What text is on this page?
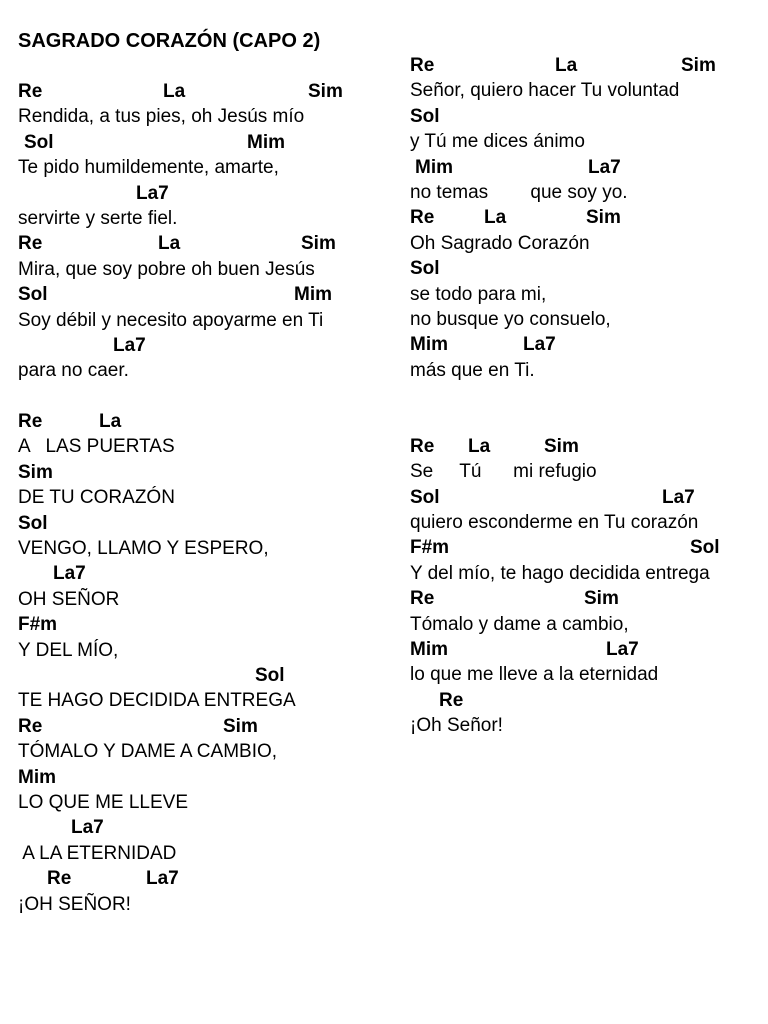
SAGRADO CORAZÓN (CAPO 2)
Re	La	Sim
Rendida, a tus pies, oh Jesús mío
Sol	Mim
Te pido humildemente, amarte,
La7
servirte y serte fiel.
Re	La	Sim
Mira, que soy pobre oh buen Jesús
Sol	Mim
Soy débil y necesito apoyarme en Ti
La7
para no caer.
Re	La
A   LAS PUERTAS
Sim
DE TU CORAZÓN
Sol
VENGO, LLAMO Y ESPERO,
La7
OH SEÑOR
F#m
Y DEL MÍO,
Sol
TE HAGO DECIDIDA ENTREGA
Re	Sim
TÓMALO Y DAME A CAMBIO,
Mim
LO QUE ME LLEVE
La7
A LA ETERNIDAD
Re	La7
¡OH SEÑOR!
Re	La	Sim
Señor, quiero hacer Tu voluntad
Sol
y Tú me dices ánimo
Mim	La7
no temas        que soy yo.
Re	La	Sim
Oh Sagrado Corazón
Sol
se todo para mi,
no busque yo consuelo,
Mim	La7
más que en Ti.
Re La	Sim
Se     Tú      mi refugio
Sol	La7
quiero esconderme en Tu corazón
F#m	Sol
Y del mío, te hago decidida entrega
Re	Sim
Tómalo y dame a cambio,
Mim	La7
lo que me lleve a la eternidad
Re
¡Oh Señor!
